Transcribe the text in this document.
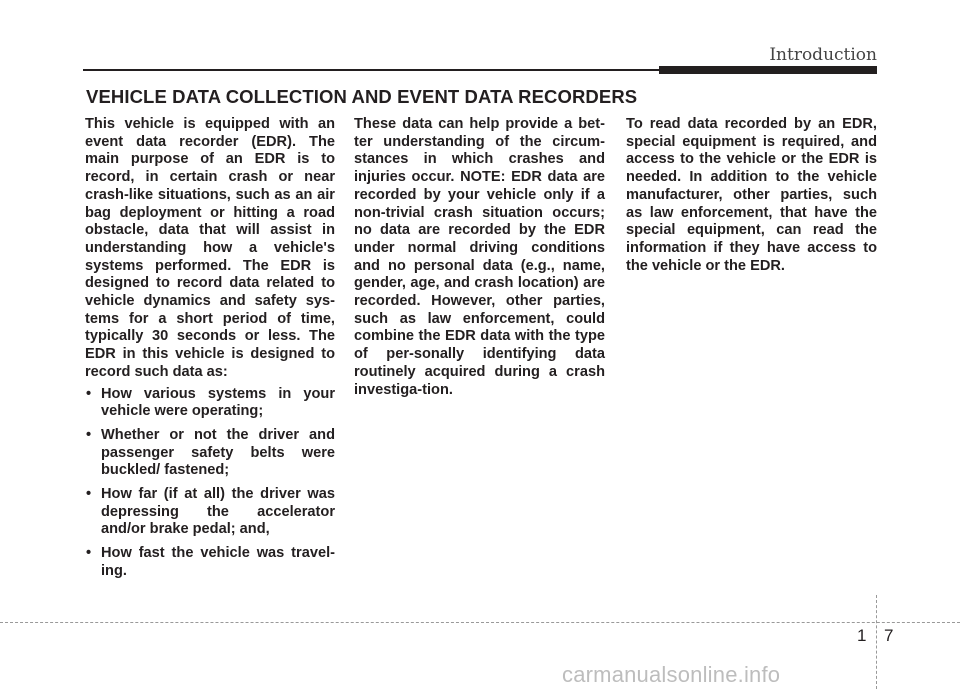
Introduction
VEHICLE DATA COLLECTION AND EVENT DATA RECORDERS

This vehicle is equipped with an event data recorder (EDR). The main purpose of an EDR is to record, in certain crash or near crash-like situations, such as an air bag deployment or hitting a road obstacle, data that will assist in understanding how a vehicle's systems performed. The EDR is designed to record data related to vehicle dynamics and safety sys-tems for a short period of time, typically 30 seconds or less. The EDR in this vehicle is designed to record such data as:

• How various systems in your vehicle were operating;
• Whether or not the driver and passenger safety belts were buckled/ fastened;
• How far (if at all) the driver was depressing the accelerator and/or brake pedal; and,
• How fast the vehicle was travel-ing.

These data can help provide a bet-ter understanding of the circum-stances in which crashes and injuries occur. NOTE: EDR data are recorded by your vehicle only if a non-trivial crash situation occurs; no data are recorded by the EDR under normal driving conditions and no personal data (e.g., name, gender, age, and crash location) are recorded. However, other parties, such as law enforcement, could combine the EDR data with the type of per-sonally identifying data routinely acquired during a crash investiga-tion.

To read data recorded by an EDR, special equipment is required, and access to the vehicle or the EDR is needed. In addition to the vehicle manufacturer, other parties, such as law enforcement, that have the special equipment, can read the information if they have access to the vehicle or the EDR.

1 7
carmanualsonline.info
